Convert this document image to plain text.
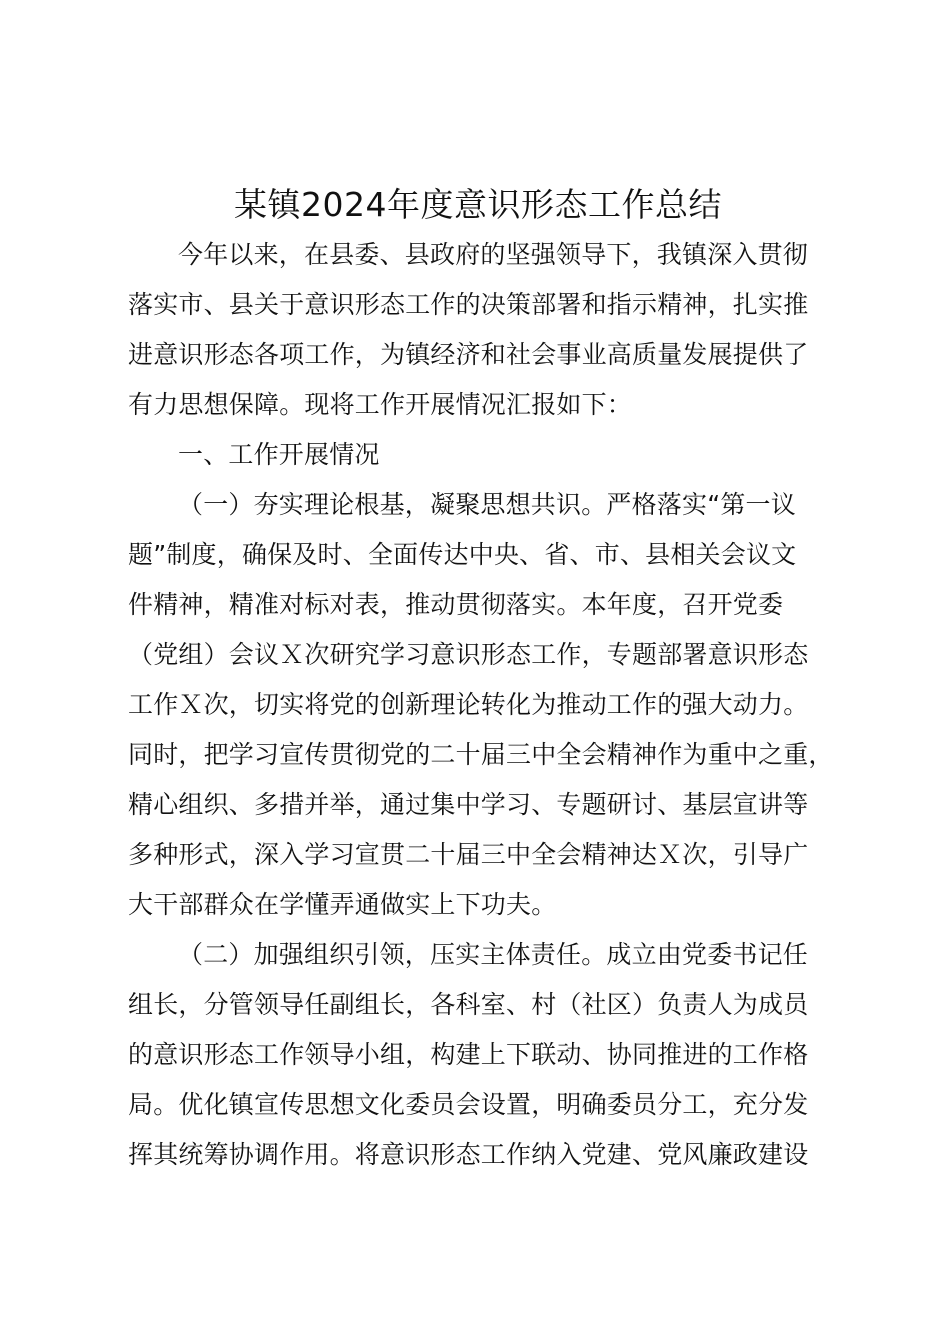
某镇2024年度意识形态工作总结
今年以来，在县委、县政府的坚强领导下，我镇深入贯彻
落实市、县关于意识形态工作的决策部署和指示精神，扎实推
进意识形态各项工作，为镇经济和社会事业高质量发展提供了
有力思想保障。现将工作开展情况汇报如下：
一、工作开展情况
（一）夯实理论根基，凝聚思想共识。严格落实“第一议
题”制度，确保及时、全面传达中央、省、市、县相关会议文
件精神，精准对标对表，推动贯彻落实。本年度，召开党委
（党组）会议Ｘ次研究学习意识形态工作，专题部署意识形态
工作Ｘ次，切实将党的创新理论转化为推动工作的强大动力。
同时，把学习宣传贯彻党的二十届三中全会精神作为重中之重，
精心组织、多措并举，通过集中学习、专题研讨、基层宣讲等
多种形式，深入学习宣贯二十届三中全会精神达Ｘ次，引导广
大干部群众在学懂弄通做实上下功夫。
（二）加强组织引领，压实主体责任。成立由党委书记任
组长，分管领导任副组长，各科室、村（社区）负责人为成员
的意识形态工作领导小组，构建上下联动、协同推进的工作格
局。优化镇宣传思想文化委员会设置，明确委员分工，充分发
挥其统筹协调作用。将意识形态工作纳入党建、党风廉政建设
